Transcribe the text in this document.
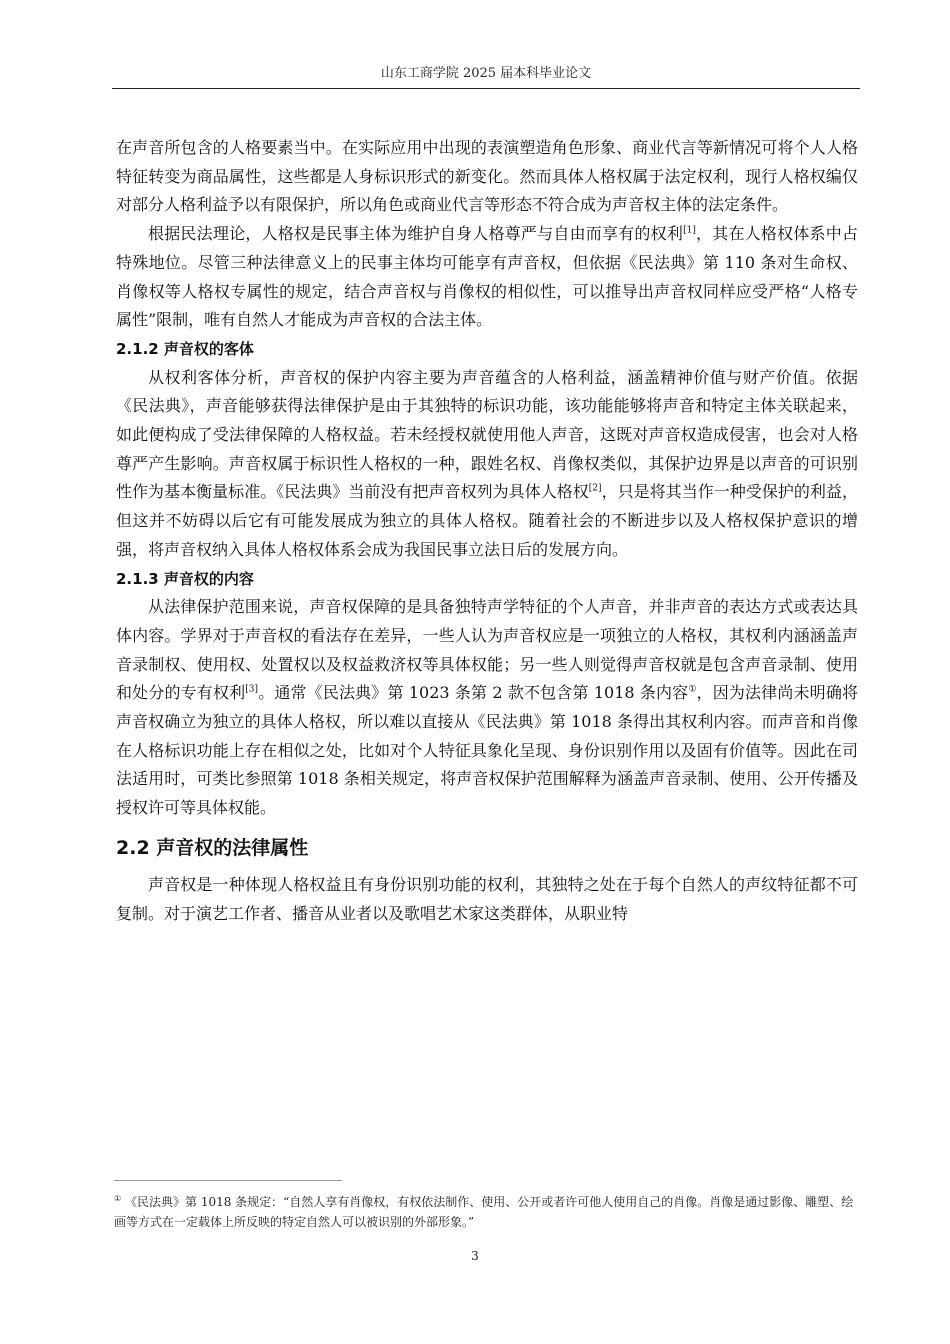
山东工商学院 2025 届本科毕业论文

在声音所包含的人格要素当中。在实际应用中出现的表演塑造角色形象、商业代言等新情况可将个人人格特征转变为商品属性，这些都是人身标识形式的新变化。然而具体人格权属于法定权利，现行人格权编仅对部分人格利益予以有限保护，所以角色或商业代言等形态不符合成为声音权主体的法定条件。

根据民法理论，人格权是民事主体为维护自身人格尊严与自由而享有的权利[1]，其在人格权体系中占特殊地位。尽管三种法律意义上的民事主体均可能享有声音权，但依据《民法典》第 110 条对生命权、肖像权等人格权专属性的规定，结合声音权与肖像权的相似性，可以推导出声音权同样应受严格“人格专属性”限制，唯有自然人才能成为声音权的合法主体。

2.1.2 声音权的客体

从权利客体分析，声音权的保护内容主要为声音蕴含的人格利益，涵盖精神价值与财产价值。依据《民法典》，声音能够获得法律保护是由于其独特的标识功能，该功能能够将声音和特定主体关联起来，如此便构成了受法律保障的人格权益。若未经授权就使用他人声音，这既对声音权造成侵害，也会对人格尊严产生影响。声音权属于标识性人格权的一种，跟姓名权、肖像权类似，其保护边界是以声音的可识别性作为基本衡量标准。《民法典》当前没有把声音权列为具体人格权[2]，只是将其当作一种受保护的利益，但这并不妨碍以后它有可能发展成为独立的具体人格权。随着社会的不断进步以及人格权保护意识的增强，将声音权纳入具体人格权体系会成为我国民事立法日后的发展方向。

2.1.3 声音权的内容

从法律保护范围来说，声音权保障的是具备独特声学特征的个人声音，并非声音的表达方式或表达具体内容。学界对于声音权的看法存在差异，一些人认为声音权应是一项独立的人格权，其权利内涵涵盖声音录制权、使用权、处置权以及权益救济权等具体权能；另一些人则觉得声音权就是包含声音录制、使用和处分的专有权利[3]。通常《民法典》第 1023 条第 2 款不包含第 1018 条内容①，因为法律尚未明确将声音权确立为独立的具体人格权，所以难以直接从《民法典》第 1018 条得出其权利内容。而声音和肖像在人格标识功能上存在相似之处，比如对个人特征具象化呈现、身份识别作用以及固有价值等。因此在司法适用时，可类比参照第 1018 条相关规定，将声音权保护范围解释为涵盖声音录制、使用、公开传播及授权许可等具体权能。

2.2 声音权的法律属性

声音权是一种体现人格权益且有身份识别功能的权利，其独特之处在于每个自然人的声纹特征都不可复制。对于演艺工作者、播音从业者以及歌唱艺术家这类群体，从职业特

① 《民法典》第 1018 条规定：“自然人享有肖像权，有权依法制作、使用、公开或者许可他人使用自己的肖像。肖像是通过影像、雕塑、绘画等方式在一定载体上所反映的特定自然人可以被识别的外部形象。”
3
